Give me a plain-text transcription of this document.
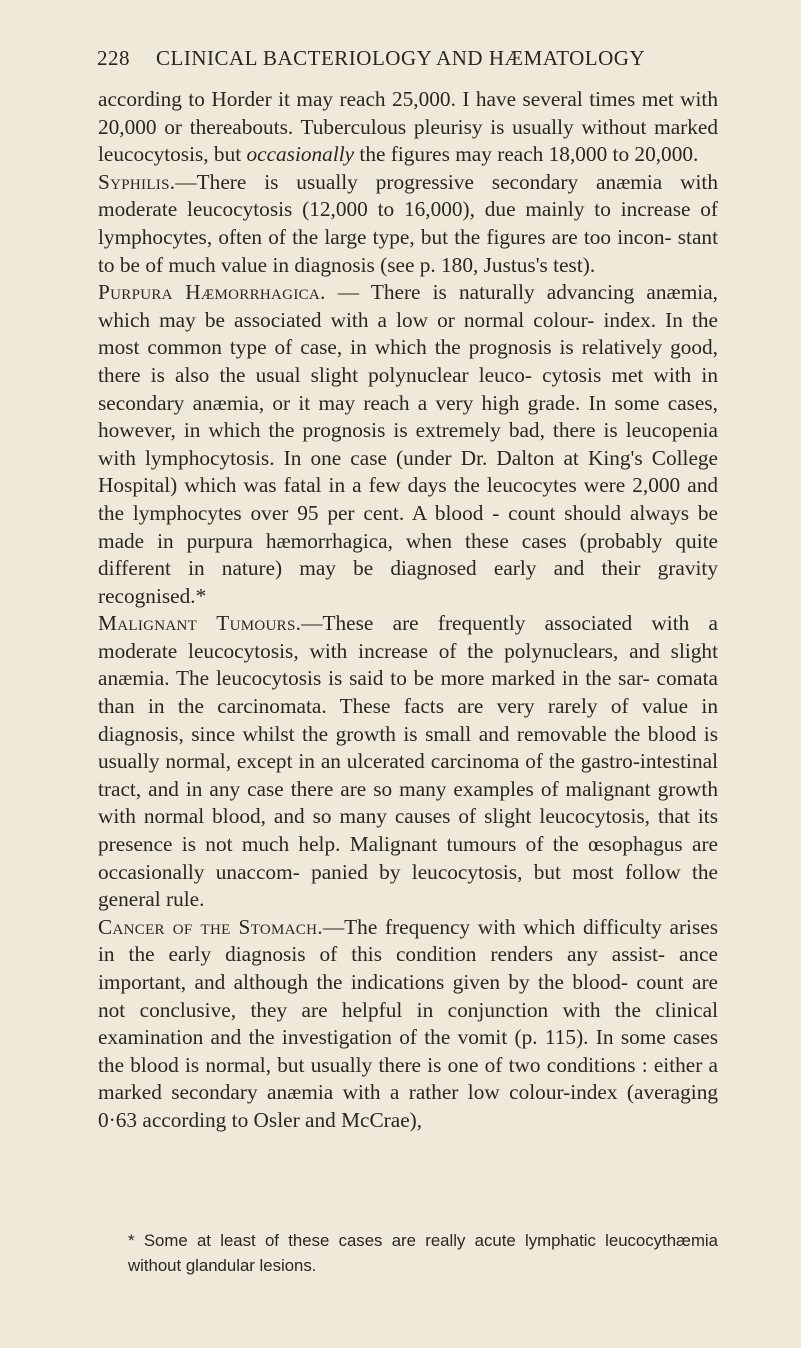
228 CLINICAL BACTERIOLOGY AND HÆMATOLOGY

according to Horder it may reach 25,000. I have several times met with 20,000 or thereabouts. Tuberculous pleurisy is usually without marked leucocytosis, but occasionally the figures may reach 18,000 to 20,000.

Syphilis.—There is usually progressive secondary anæmia with moderate leucocytosis (12,000 to 16,000), due mainly to increase of lymphocytes, often of the large type, but the figures are too incon- stant to be of much value in diagnosis (see p. 180, Justus's test).

Purpura Hæmorrhagica. — There is naturally advancing anæmia, which may be associated with a low or normal colour- index. In the most common type of case, in which the prognosis is relatively good, there is also the usual slight polynuclear leuco- cytosis met with in secondary anæmia, or it may reach a very high grade. In some cases, however, in which the prognosis is extremely bad, there is leucopenia with lymphocytosis. In one case (under Dr. Dalton at King's College Hospital) which was fatal in a few days the leucocytes were 2,000 and the lymphocytes over 95 per cent. A blood - count should always be made in purpura hæmorrhagica, when these cases (probably quite different in nature) may be diagnosed early and their gravity recognised.*

Malignant Tumours.—These are frequently associated with a moderate leucocytosis, with increase of the polynuclears, and slight anæmia. The leucocytosis is said to be more marked in the sar- comata than in the carcinomata. These facts are very rarely of value in diagnosis, since whilst the growth is small and removable the blood is usually normal, except in an ulcerated carcinoma of the gastro-intestinal tract, and in any case there are so many examples of malignant growth with normal blood, and so many causes of slight leucocytosis, that its presence is not much help. Malignant tumours of the œsophagus are occasionally unaccom- panied by leucocytosis, but most follow the general rule.

Cancer of the Stomach.—The frequency with which difficulty arises in the early diagnosis of this condition renders any assist- ance important, and although the indications given by the blood- count are not conclusive, they are helpful in conjunction with the clinical examination and the investigation of the vomit (p. 115). In some cases the blood is normal, but usually there is one of two conditions : either a marked secondary anæmia with a rather low colour-index (averaging 0·63 according to Osler and McCrae),

* Some at least of these cases are really acute lymphatic leucocythæmia without glandular lesions.
